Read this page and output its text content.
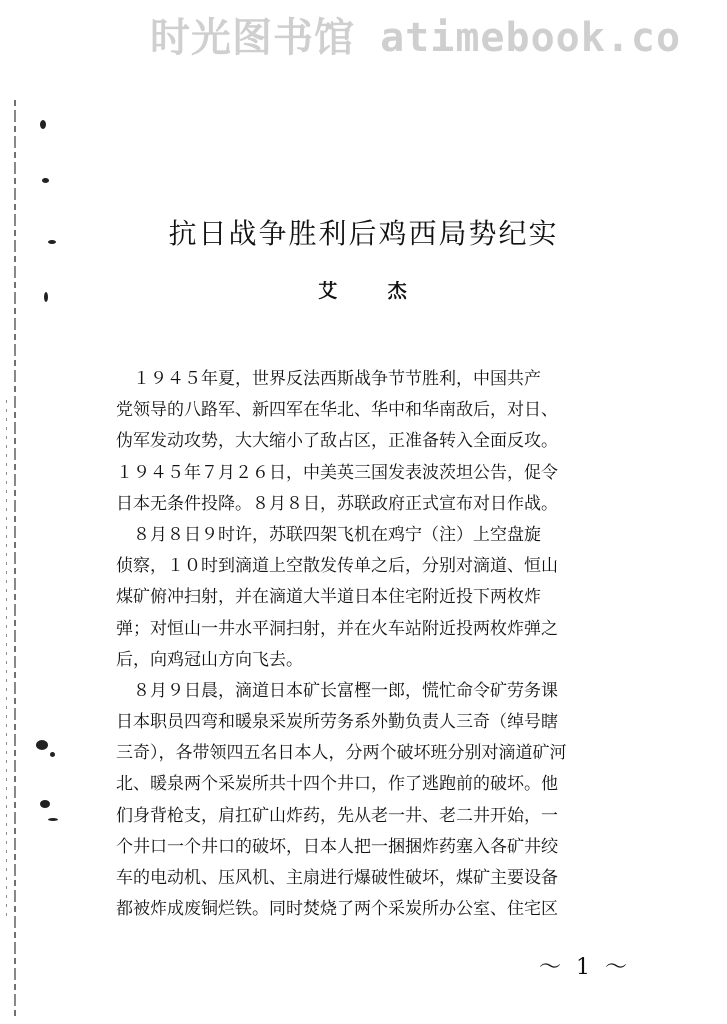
时光图书馆 atimebook.co
抗日战争胜利后鸡西局势纪实
艾 杰
　１９４５年夏，世界反法西斯战争节节胜利，中国共产
党领导的八路军、新四军在华北、华中和华南敌后，对日、
伪军发动攻势，大大缩小了敌占区，正准备转入全面反攻。
１９４５年７月２６日，中美英三国发表波茨坦公告，促令
日本无条件投降。８月８日，苏联政府正式宣布对日作战。
　８月８日９时许，苏联四架飞机在鸡宁（注）上空盘旋
侦察，１０时到滴道上空散发传单之后，分别对滴道、恒山
煤矿俯冲扫射，并在滴道大半道日本住宅附近投下两枚炸
弹；对恒山一井水平洞扫射，并在火车站附近投两枚炸弹之
后，向鸡冠山方向飞去。
　８月９日晨，滴道日本矿长富樫一郎，慌忙命令矿劳务课
日本职员四弯和暖泉采炭所劳务系外勤负责人三奇（绰号瞎
三奇），各带领四五名日本人，分两个破坏班分别对滴道矿河
北、暖泉两个采炭所共十四个井口，作了逃跑前的破坏。他
们身背枪支，肩扛矿山炸药，先从老一井、老二井开始，一
个井口一个井口的破坏，日本人把一捆捆炸药塞入各矿井绞
车的电动机、压风机、主扇进行爆破性破坏，煤矿主要设备
都被炸成废铜烂铁。同时焚烧了两个采炭所办公室、住宅区
～ 1 ～
